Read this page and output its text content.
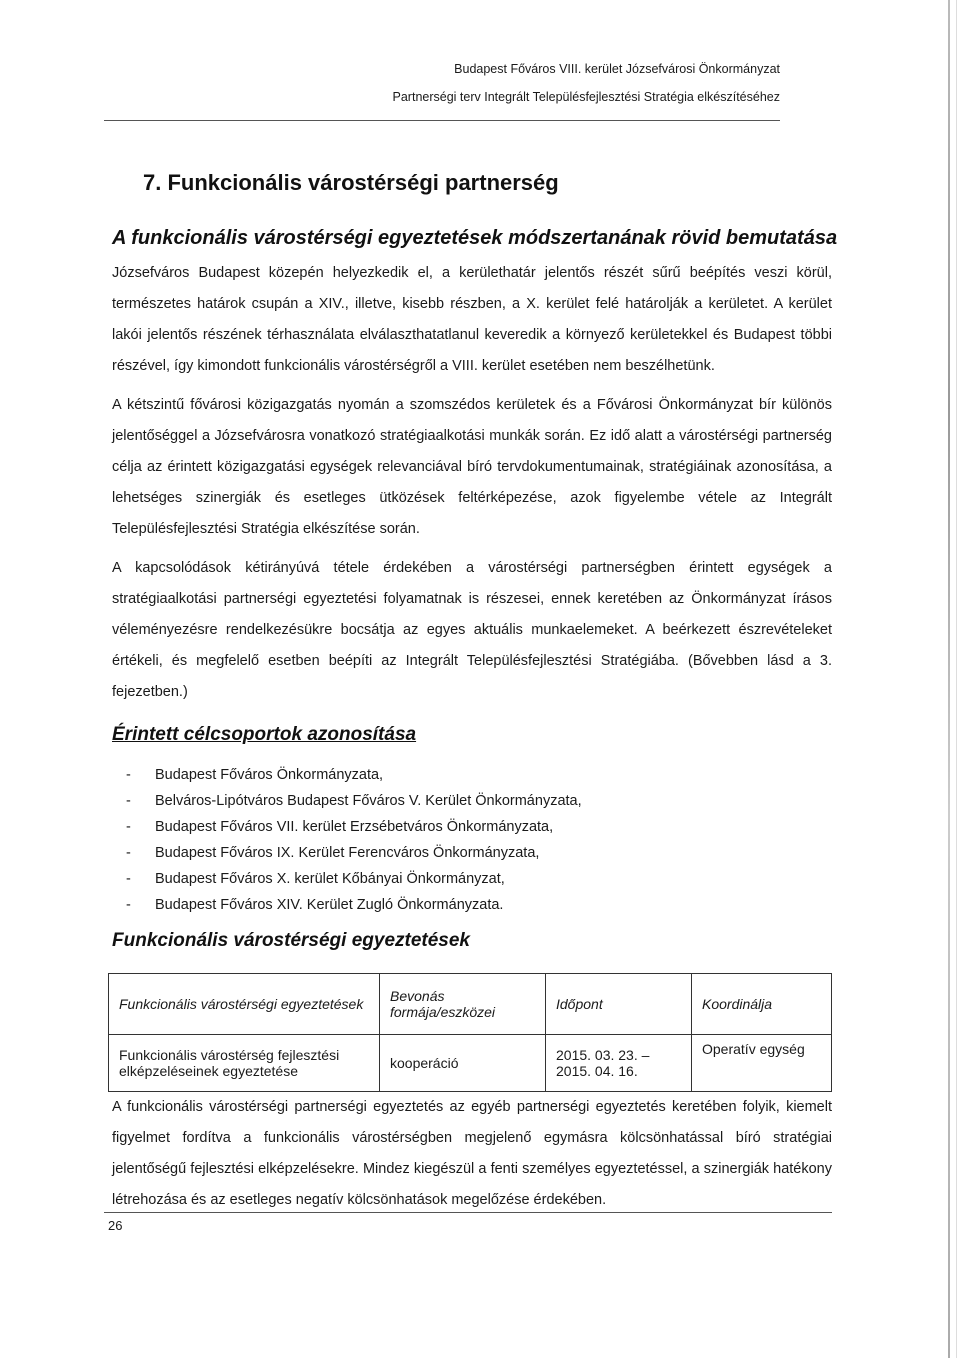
Budapest Főváros VIII. kerület Józsefvárosi Önkormányzat
Partnerségi terv Integrált Településfejlesztési Stratégia elkészítéséhez
7. Funkcionális várostérségi partnerség
A funkcionális várostérségi egyeztetések módszertanának rövid bemutatása

Józsefváros Budapest közepén helyezkedik el, a kerülethatár jelentős részét sűrű beépítés veszi körül, természetes határok csupán a XIV., illetve, kisebb részben, a X. kerület felé határolják a kerületet. A kerület lakói jelentős részének térhasználata elválaszthatatlanul keveredik a környező kerületekkel és Budapest többi részével, így kimondott funkcionális várostérségről a VIII. kerület esetében nem beszélhetünk.

A kétszintű fővárosi közigazgatás nyomán a szomszédos kerületek és a Fővárosi Önkormányzat bír különös jelentőséggel a Józsefvárosra vonatkozó stratégiaalkotási munkák során. Ez idő alatt a várostérségi partnerség célja az érintett közigazgatási egységek relevanciával bíró tervdokumentumainak, stratégiáinak azonosítása, a lehetséges szinergiák és esetleges ütközések feltérképezése, azok figyelembe vétele az Integrált Településfejlesztési Stratégia elkészítése során.

A kapcsolódások kétirányúvá tétele érdekében a várostérségi partnerségben érintett egységek a stratégiaalkotási partnerségi egyeztetési folyamatnak is részesei, ennek keretében az Önkormányzat írásos véleményezésre rendelkezésükre bocsátja az egyes aktuális munkaelemeket. A beérkezett észrevételeket értékeli, és megfelelő esetben beépíti az Integrált Településfejlesztési Stratégiába. (Bővebben lásd a 3. fejezetben.)

Érintett célcsoportok azonosítása
- Budapest Főváros Önkormányzata,
- Belváros-Lipótváros Budapest Főváros V. Kerület Önkormányzata,
- Budapest Főváros VII. kerület Erzsébetváros Önkormányzata,
- Budapest Főváros IX. Kerület Ferencváros Önkormányzata,
- Budapest Főváros X. kerület Kőbányai Önkormányzat,
- Budapest Főváros XIV. Kerület Zugló Önkormányzata.
Funkcionális várostérségi egyeztetések
Funkcionális várostérségi egyeztetések	Bevonás formája/eszközei	Időpont	Koordinálja
Funkcionális várostérség fejlesztési elképzeléseinek egyeztetése	kooperáció	2015. 03. 23. – 2015. 04. 16.	Operatív egység

A funkcionális várostérségi partnerségi egyeztetés az egyéb partnerségi egyeztetés keretében folyik, kiemelt figyelmet fordítva a funkcionális várostérségben megjelenő egymásra kölcsönhatással bíró stratégiai jelentőségű fejlesztési elképzelésekre. Mindez kiegészül a fenti személyes egyeztetéssel, a szinergiák hatékony létrehozása és az esetleges negatív kölcsönhatások megelőzése érdekében.

26
